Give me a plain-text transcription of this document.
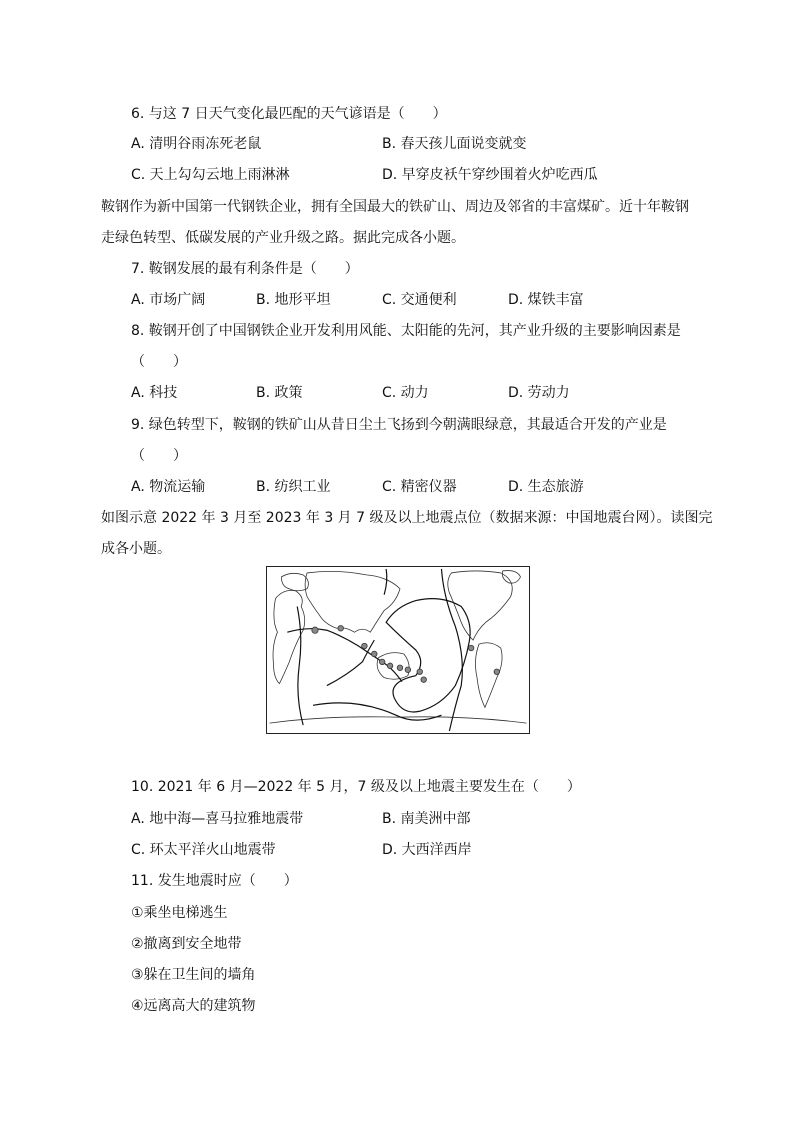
6. 与这 7 日天气变化最匹配的天气谚语是（　　）
A. 清明谷雨冻死老鼠	B. 春天孩儿面说变就变
C. 天上勾勾云地上雨淋淋	D. 早穿皮袄午穿纱围着火炉吃西瓜
鞍钢作为新中国第一代钢铁企业，拥有全国最大的铁矿山、周边及邻省的丰富煤矿。近十年鞍钢
走绿色转型、低碳发展的产业升级之路。据此完成各小题。
7. 鞍钢发展的最有利条件是（　　）
A. 市场广阔	B. 地形平坦	C. 交通便利	D. 煤铁丰富
8. 鞍钢开创了中国钢铁企业开发利用风能、太阳能的先河，其产业升级的主要影响因素是
（　　）
A. 科技	B. 政策	C. 动力	D. 劳动力
9. 绿色转型下，鞍钢的铁矿山从昔日尘土飞扬到今朝满眼绿意，其最适合开发的产业是
（　　）
A. 物流运输	B. 纺织工业	C. 精密仪器	D. 生态旅游
如图示意 2022 年 3 月至 2023 年 3 月 7 级及以上地震点位（数据来源：中国地震台网）。读图完
成各小题。
10. 2021 年 6 月—2022 年 5 月，7 级及以上地震主要发生在（　　）
A. 地中海—喜马拉雅地震带	B. 南美洲中部
C. 环太平洋火山地震带	D. 大西洋西岸
11. 发生地震时应（　　）
①乘坐电梯逃生
②撤离到安全地带
③躲在卫生间的墙角
④远离高大的建筑物
